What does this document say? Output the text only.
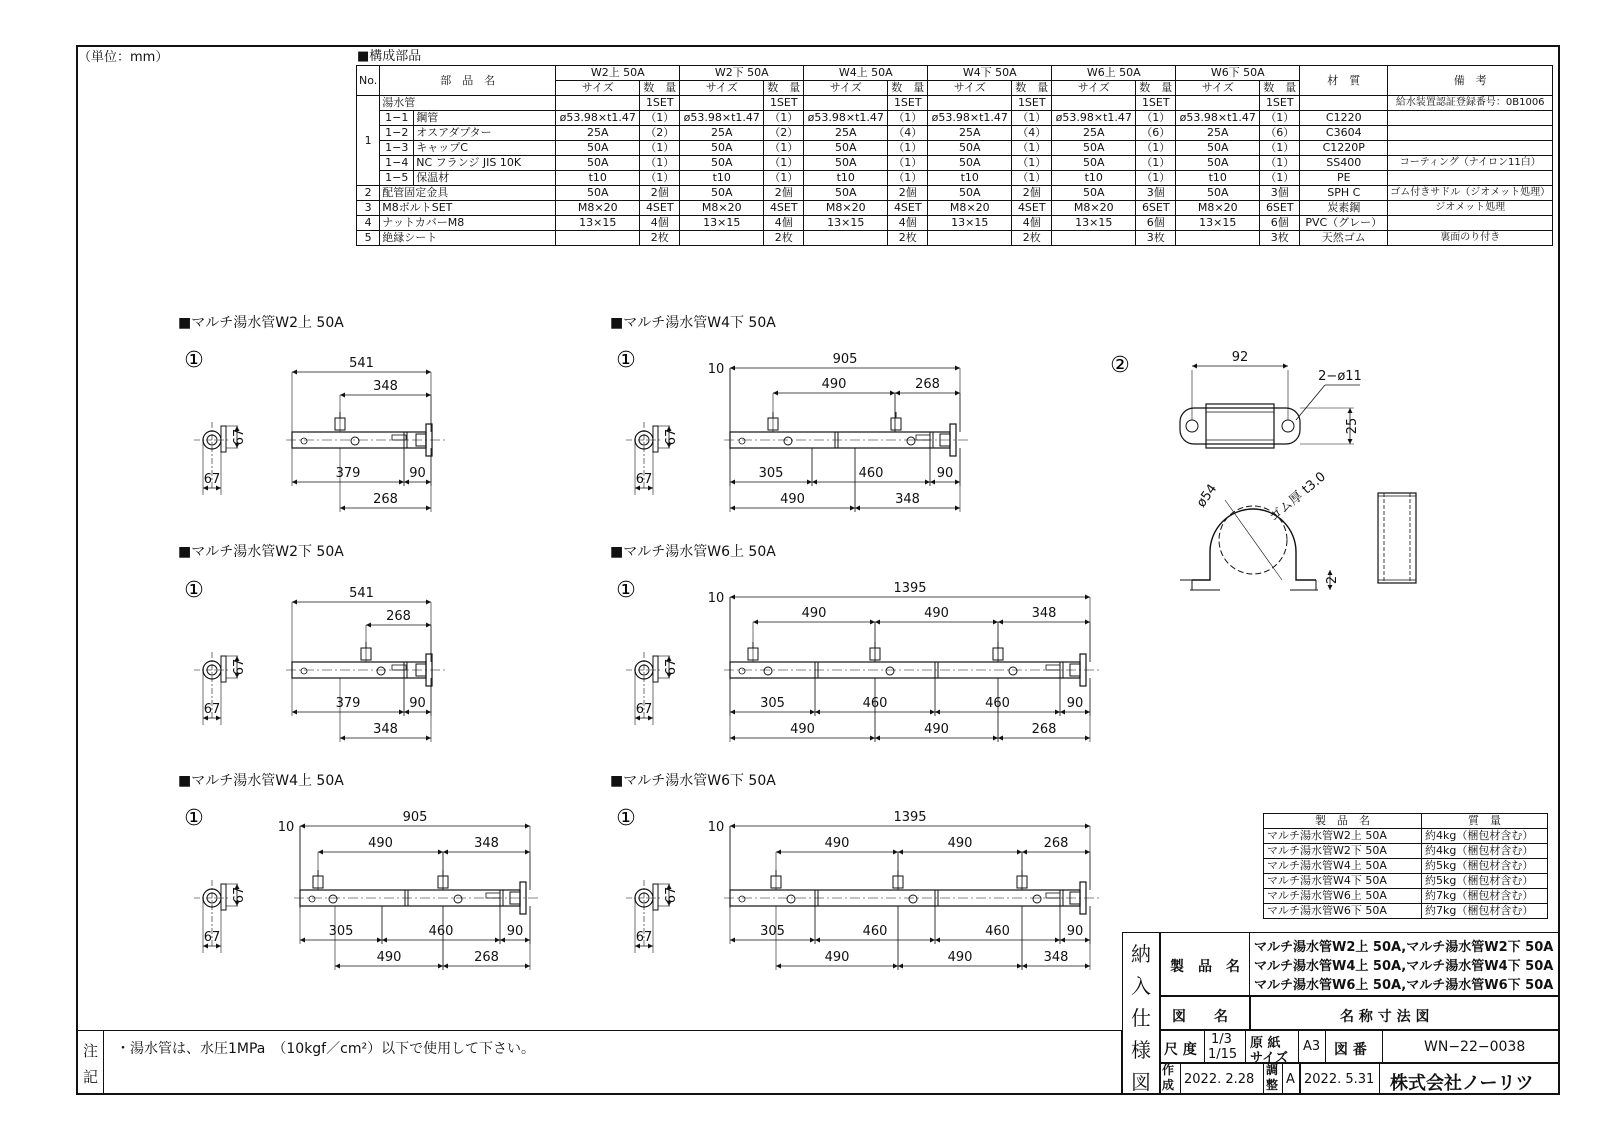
（単位：mm）	■構成部品
No.	部　品　名		W2上 50A		W2下 50A		W4上 50A		W4下 50A		W6上 50A		W6下 50A		材　質	備　考
			サイズ	数　量	サイズ	数　量	サイズ	数　量	サイズ	数　量	サイズ	数　量	サイズ	数　量		
1	湯水管			1SET		1SET		1SET		1SET		1SET		1SET		給水装置認証登録番号：0B1006
	1−1	鋼管	ø53.98×t1.47	（1）	ø53.98×t1.47	（1）	ø53.98×t1.47	（1）	ø53.98×t1.47	（1）	ø53.98×t1.47	（1）	ø53.98×t1.47	（1）	C1220	
	1−2	オスアダプター	25A	（2）	25A	（2）	25A	（4）	25A	（4）	25A	（6）	25A	（6）	C3604	
	1−3	キャップC	50A	（1）	50A	（1）	50A	（1）	50A	（1）	50A	（1）	50A	（1）	C1220P	
	1−4	NC フランジ JIS 10K	50A	（1）	50A	（1）	50A	（1）	50A	（1）	50A	（1）	50A	（1）	SS400	コーティング（ナイロン11白）
	1−5	保温材	t10	（1）	t10	（1）	t10	（1）	t10	（1）	t10	（1）	t10	（1）	PE	
2	配管固定金具		50A	2個	50A	2個	50A	2個	50A	2個	50A	3個	50A	3個	SPH C	ゴム付きサドル（ジオメット処理）
3	M8ボルトSET		M8×20	4SET	M8×20	4SET	M8×20	4SET	M8×20	4SET	M8×20	6SET	M8×20	6SET	炭素鋼	ジオメット処理
4	ナットカバーM8		13×15	4個	13×15	4個	13×15	4個	13×15	4個	13×15	6個	13×15	6個	PVC（グレー）	
5	絶縁シート			2枚		2枚		2枚		2枚		3枚		3枚	天然ゴム	裏面のり付き
■マルチ湯水管W2上 50A	■マルチ湯水管W4下 50A
■マルチ湯水管W2下 50A	■マルチ湯水管W6上 50A
■マルチ湯水管W4上 50A	■マルチ湯水管W6下 50A
①
67
67
541
348
379	90
268
①
67
67
905
490	268
10
305	460	90
490	348
①
67
67
541
268
379	90
348
①
67
67
1395
490	490	348
10
305	460	460	90
490	490	268
①
67
67
905
490	348
10
305	460	90
490	268
①
67
67
1395
490	490	268
10
305	460	460	90
490	490	348
②	92
2−ø11
25
ø54	ゴム厚 t3.0
2
製　品　名	質　量
マルチ湯水管W2上 50A	約4kg（梱包材含む）
マルチ湯水管W2下 50A	約4kg（梱包材含む）
マルチ湯水管W4上 50A	約5kg（梱包材含む）
マルチ湯水管W4下 50A	約5kg（梱包材含む）
マルチ湯水管W6上 50A	約7kg（梱包材含む）
マルチ湯水管W6下 50A	約7kg（梱包材含む）
納
入
仕
様
図
製　品　名
マルチ湯水管W2上 50A,マルチ湯水管W2下 50A
マルチ湯水管W4上 50A,マルチ湯水管W4下 50A
マルチ湯水管W6上 50A,マルチ湯水管W6下 50A
図　　名	名 称 寸 法 図
尺 度
1/3
1/15
原 紙
サイズ
A3 図 番	WN−22−0038
作成 2022. 2.28
調整 A 2022. 5.31 株式会社ノーリツ
注
記
・湯水管は、水圧1MPa　（10kgf／cm²）以下で使用して下さい。
